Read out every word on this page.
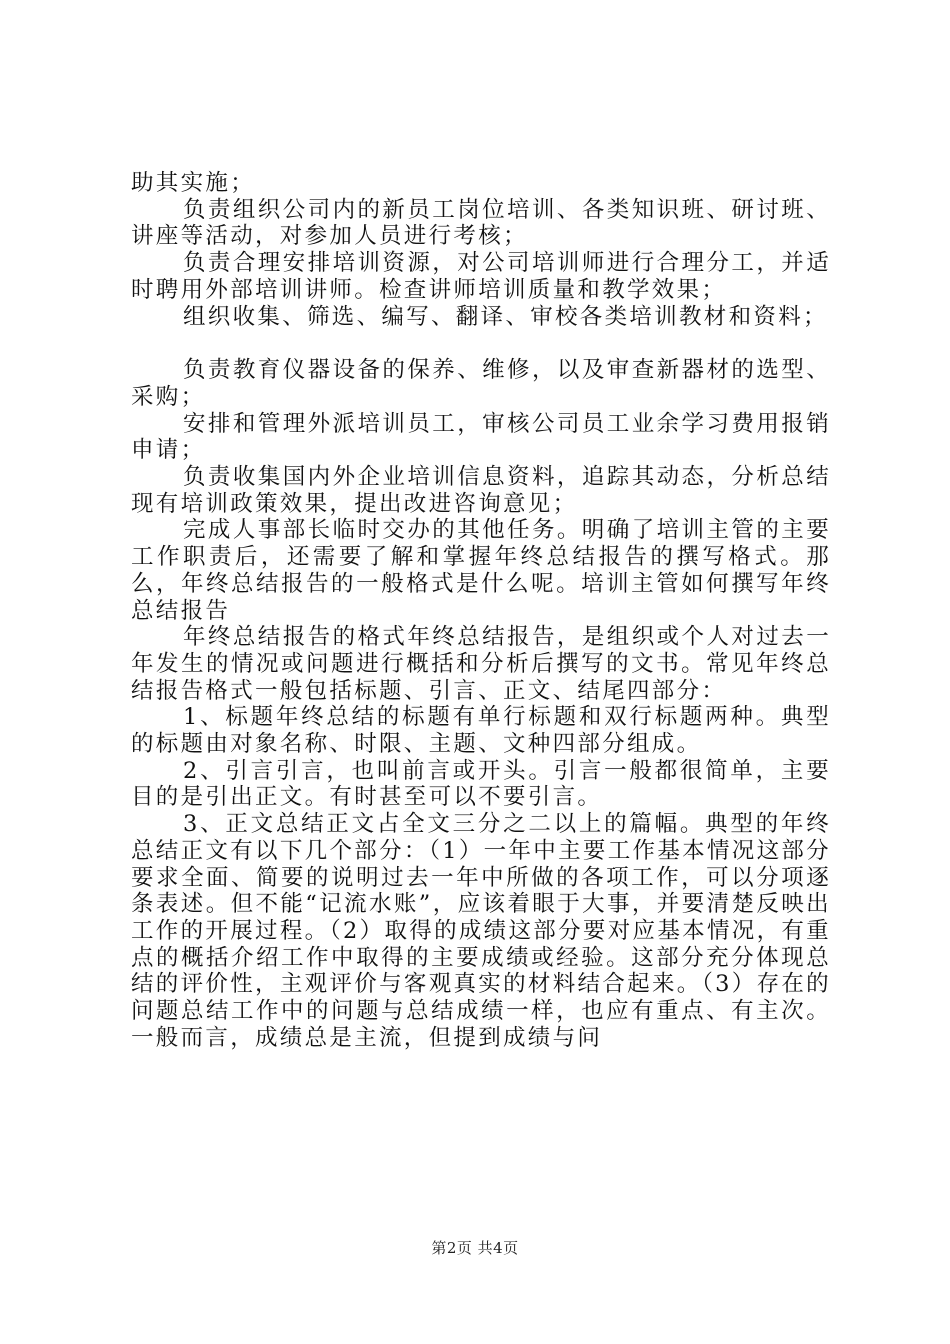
助其实施；

负责组织公司内的新员工岗位培训、各类知识班、研讨班、讲座等活动，对参加人员进行考核；

负责合理安排培训资源，对公司培训师进行合理分工，并适时聘用外部培训讲师。检查讲师培训质量和教学效果；

组织收集、筛选、编写、翻译、审校各类培训教材和资料；

负责教育仪器设备的保养、维修，以及审查新器材的选型、采购；

安排和管理外派培训员工，审核公司员工业余学习费用报销申请；

负责收集国内外企业培训信息资料，追踪其动态，分析总结现有培训政策效果，提出改进咨询意见；

完成人事部长临时交办的其他任务。明确了培训主管的主要工作职责后，还需要了解和掌握年终总结报告的撰写格式。那么，年终总结报告的一般格式是什么呢。培训主管如何撰写年终总结报告

年终总结报告的格式年终总结报告，是组织或个人对过去一年发生的情况或问题进行概括和分析后撰写的文书。常见年终总结报告格式一般包括标题、引言、正文、结尾四部分：

1、标题年终总结的标题有单行标题和双行标题两种。典型的标题由对象名称、时限、主题、文种四部分组成。

2、引言引言，也叫前言或开头。引言一般都很简单，主要目的是引出正文。有时甚至可以不要引言。

3、正文总结正文占全文三分之二以上的篇幅。典型的年终总结正文有以下几个部分：（1）一年中主要工作基本情况这部分要求全面、简要的说明过去一年中所做的各项工作，可以分项逐条表述。但不能“记流水账”，应该着眼于大事，并要清楚反映出工作的开展过程。（2）取得的成绩这部分要对应基本情况，有重点的概括介绍工作中取得的主要成绩或经验。这部分充分体现总结的评价性，主观评价与客观真实的材料结合起来。（3）存在的问题总结工作中的问题与总结成绩一样，也应有重点、有主次。一般而言，成绩总是主流，但提到成绩与问

第2页 共4页
